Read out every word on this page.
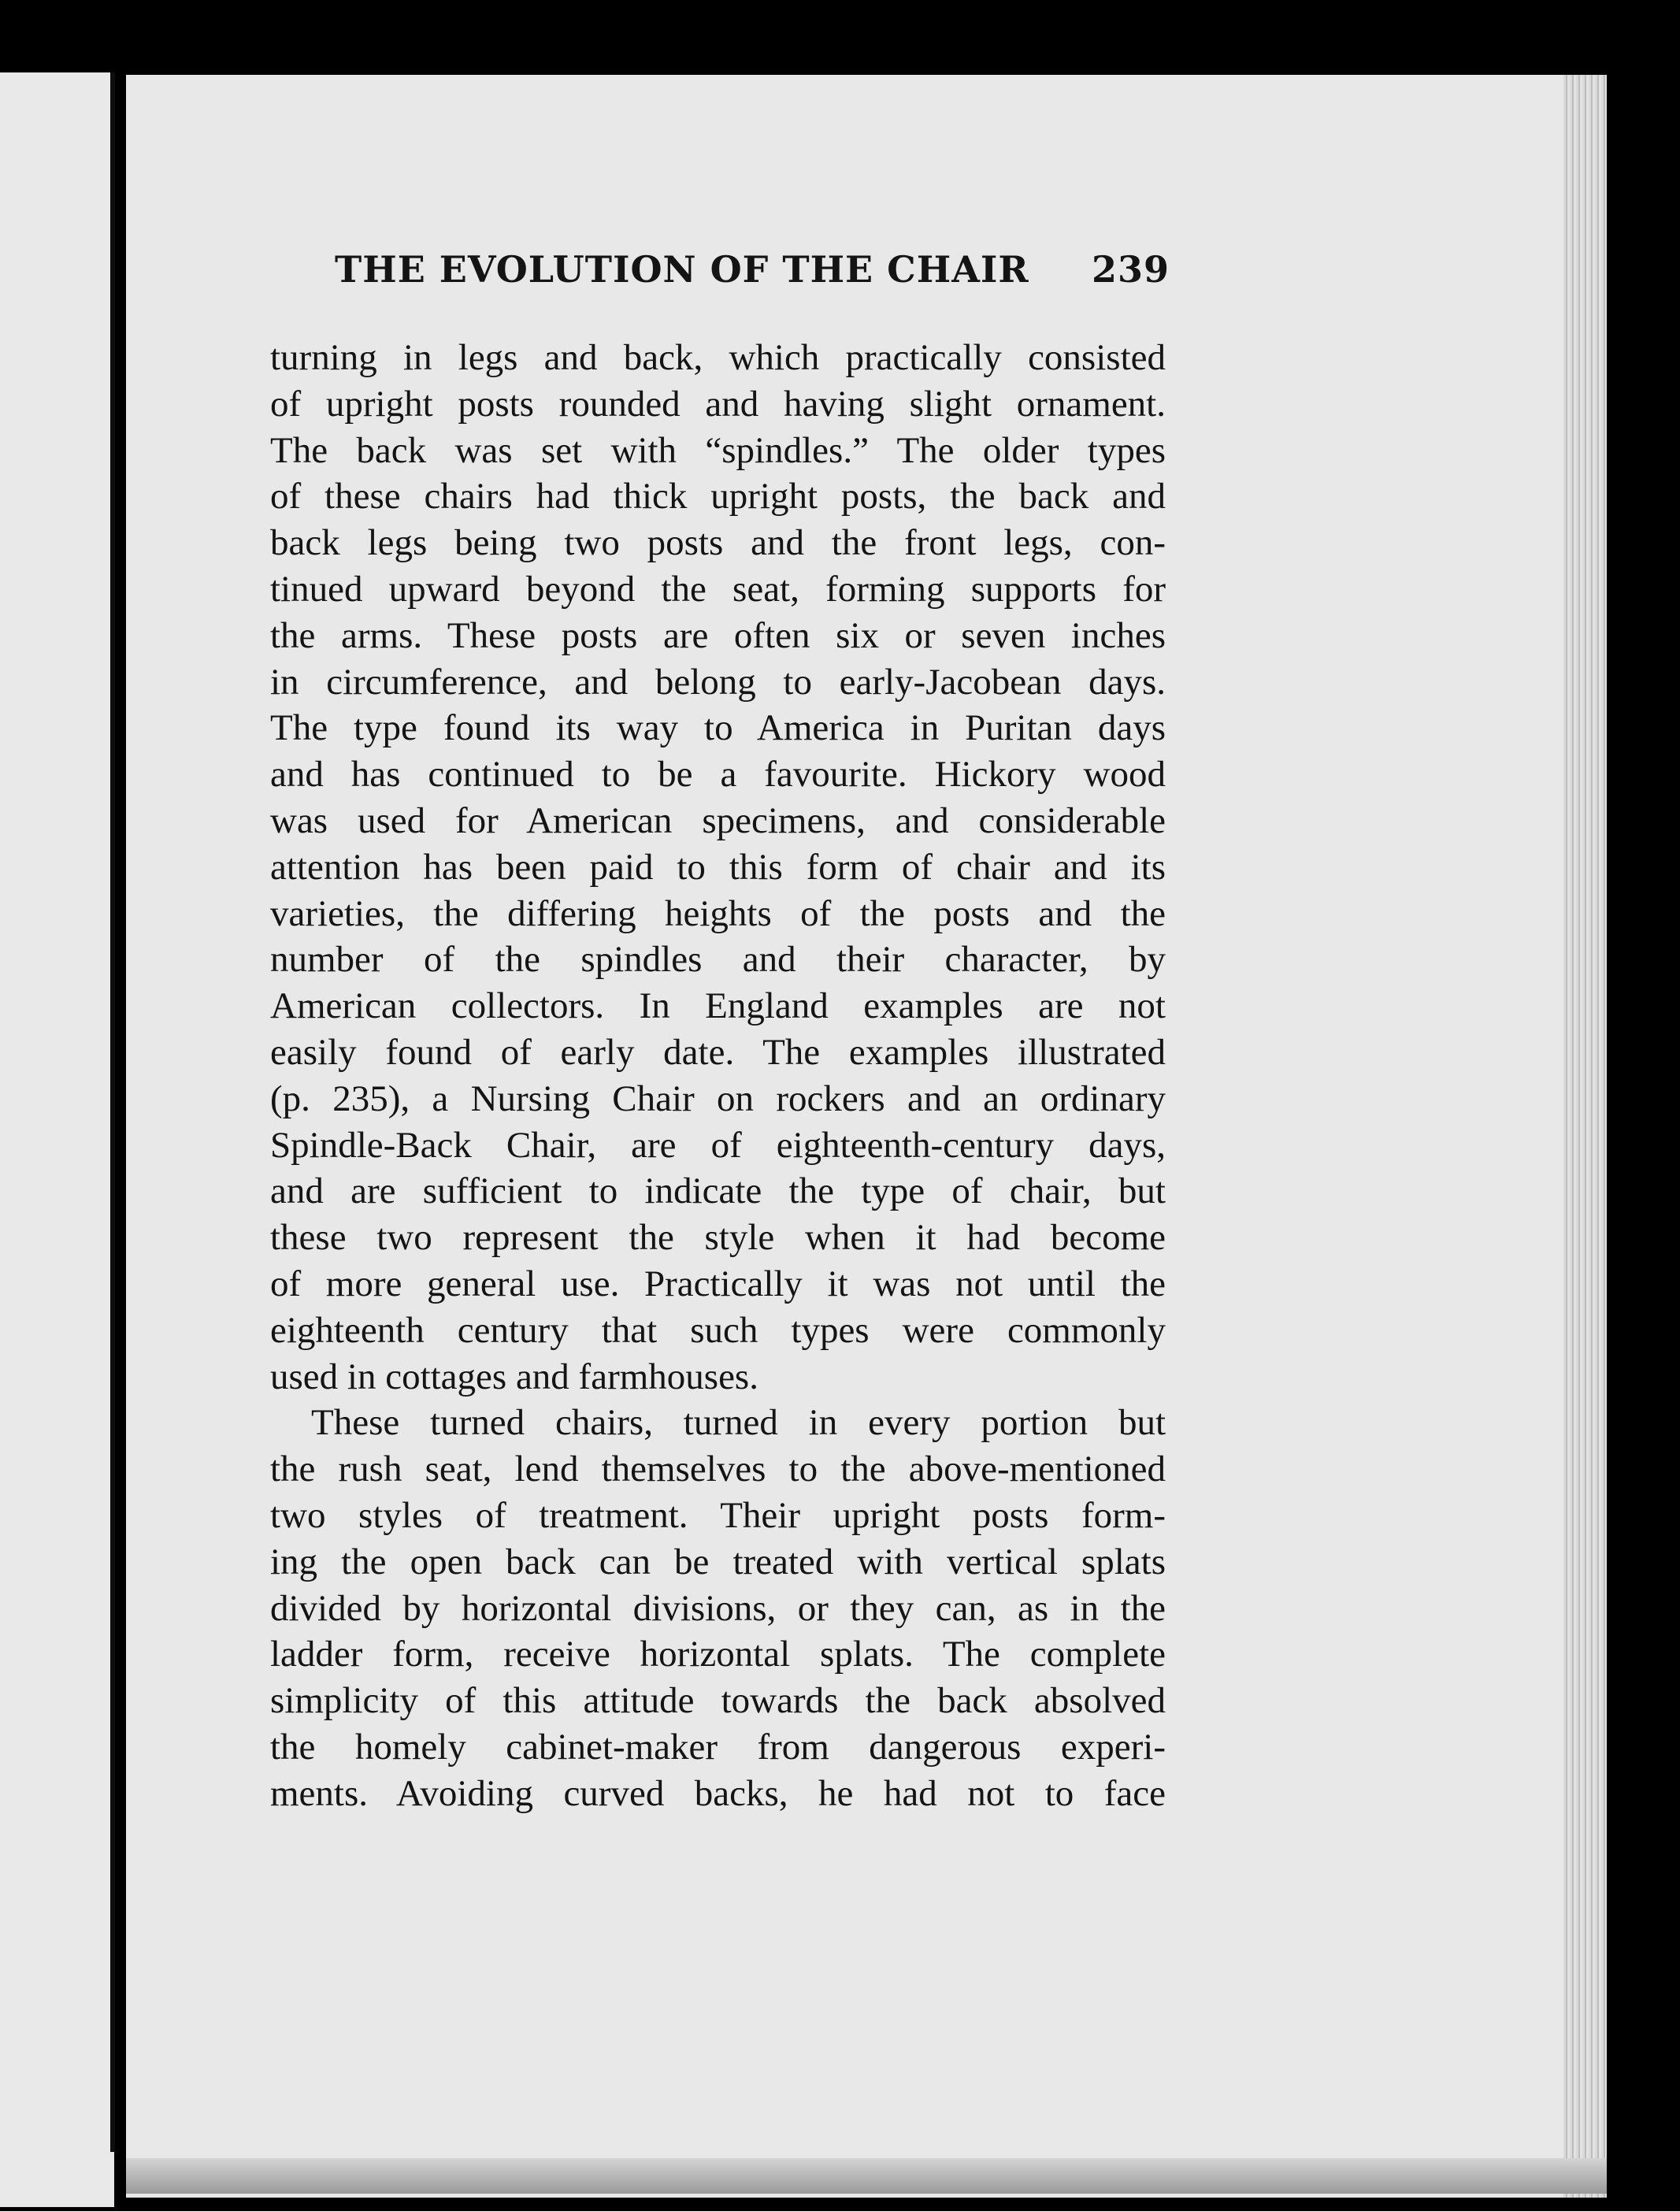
THE EVOLUTION OF THE CHAIR 239
turning in legs and back, which practically consisted
of upright posts rounded and having slight ornament.
The back was set with “spindles.” The older types
of these chairs had thick upright posts, the back and
back legs being two posts and the front legs, con-
tinued upward beyond the seat, forming supports for
the arms. These posts are often six or seven inches
in circumference, and belong to early-Jacobean days.
The type found its way to America in Puritan days
and has continued to be a favourite. Hickory wood
was used for American specimens, and considerable
attention has been paid to this form of chair and its
varieties, the differing heights of the posts and the
number of the spindles and their character, by
American collectors. In England examples are not
easily found of early date. The examples illustrated
(p. 235), a Nursing Chair on rockers and an ordinary
Spindle-Back Chair, are of eighteenth-century days,
and are sufficient to indicate the type of chair, but
these two represent the style when it had become
of more general use. Practically it was not until the
eighteenth century that such types were commonly
used in cottages and farmhouses.
These turned chairs, turned in every portion but
the rush seat, lend themselves to the above-mentioned
two styles of treatment. Their upright posts form-
ing the open back can be treated with vertical splats
divided by horizontal divisions, or they can, as in the
ladder form, receive horizontal splats. The complete
simplicity of this attitude towards the back absolved
the homely cabinet-maker from dangerous experi-
ments. Avoiding curved backs, he had not to face
